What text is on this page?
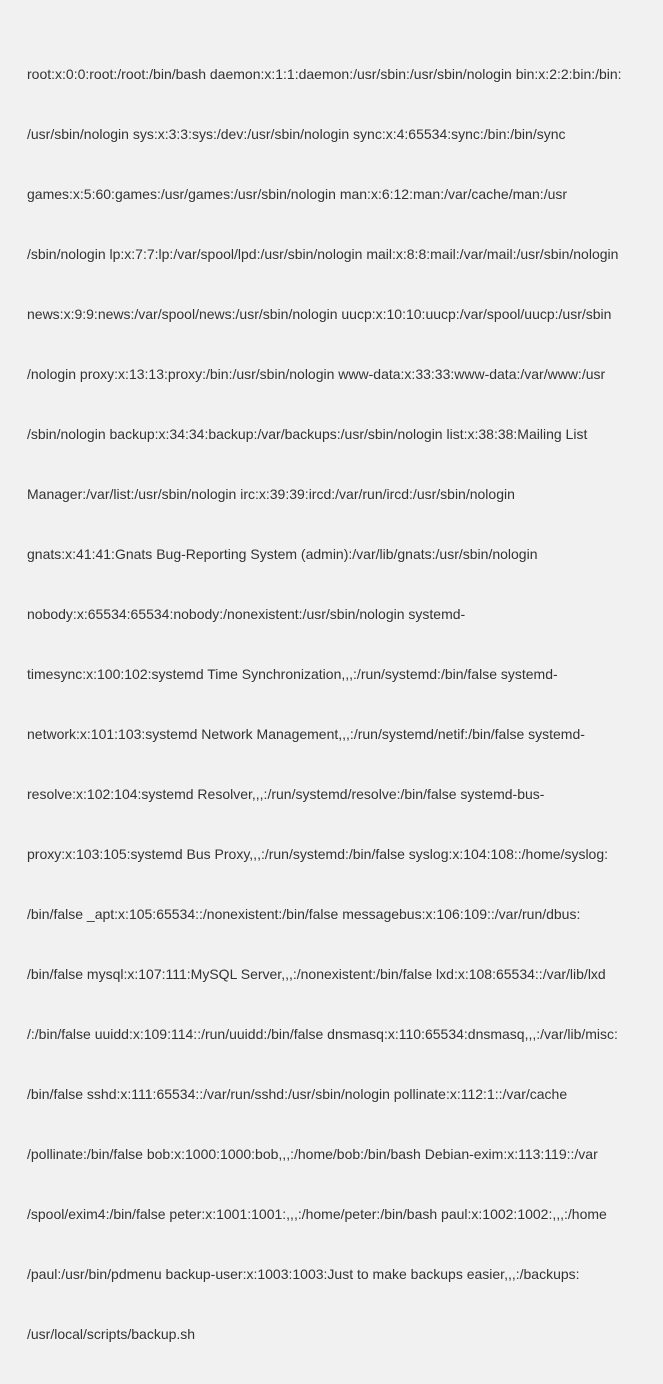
root:x:0:0:root:/root:/bin/bash daemon:x:1:1:daemon:/usr/sbin:/usr/sbin/nologin bin:x:2:2:bin:/bin:

/usr/sbin/nologin sys:x:3:3:sys:/dev:/usr/sbin/nologin sync:x:4:65534:sync:/bin:/bin/sync

games:x:5:60:games:/usr/games:/usr/sbin/nologin man:x:6:12:man:/var/cache/man:/usr

/sbin/nologin lp:x:7:7:lp:/var/spool/lpd:/usr/sbin/nologin mail:x:8:8:mail:/var/mail:/usr/sbin/nologin

news:x:9:9:news:/var/spool/news:/usr/sbin/nologin uucp:x:10:10:uucp:/var/spool/uucp:/usr/sbin

/nologin proxy:x:13:13:proxy:/bin:/usr/sbin/nologin www-data:x:33:33:www-data:/var/www:/usr

/sbin/nologin backup:x:34:34:backup:/var/backups:/usr/sbin/nologin list:x:38:38:Mailing List

Manager:/var/list:/usr/sbin/nologin irc:x:39:39:ircd:/var/run/ircd:/usr/sbin/nologin

gnats:x:41:41:Gnats Bug-Reporting System (admin):/var/lib/gnats:/usr/sbin/nologin

nobody:x:65534:65534:nobody:/nonexistent:/usr/sbin/nologin systemd-

timesync:x:100:102:systemd Time Synchronization,,,:/run/systemd:/bin/false systemd-

network:x:101:103:systemd Network Management,,,:/run/systemd/netif:/bin/false systemd-

resolve:x:102:104:systemd Resolver,,,:/run/systemd/resolve:/bin/false systemd-bus-

proxy:x:103:105:systemd Bus Proxy,,,:/run/systemd:/bin/false syslog:x:104:108::/home/syslog:

/bin/false _apt:x:105:65534::/nonexistent:/bin/false messagebus:x:106:109::/var/run/dbus:

/bin/false mysql:x:107:111:MySQL Server,,,:/nonexistent:/bin/false lxd:x:108:65534::/var/lib/lxd

/:/bin/false uuidd:x:109:114::/run/uuidd:/bin/false dnsmasq:x:110:65534:dnsmasq,,,:/var/lib/misc:

/bin/false sshd:x:111:65534::/var/run/sshd:/usr/sbin/nologin pollinate:x:112:1::/var/cache

/pollinate:/bin/false bob:x:1000:1000:bob,,,:/home/bob:/bin/bash Debian-exim:x:113:119::/var

/spool/exim4:/bin/false peter:x:1001:1001:,,,:/home/peter:/bin/bash paul:x:1002:1002:,,,:/home

/paul:/usr/bin/pdmenu backup-user:x:1003:1003:Just to make backups easier,,,:/backups:

/usr/local/scripts/backup.sh
